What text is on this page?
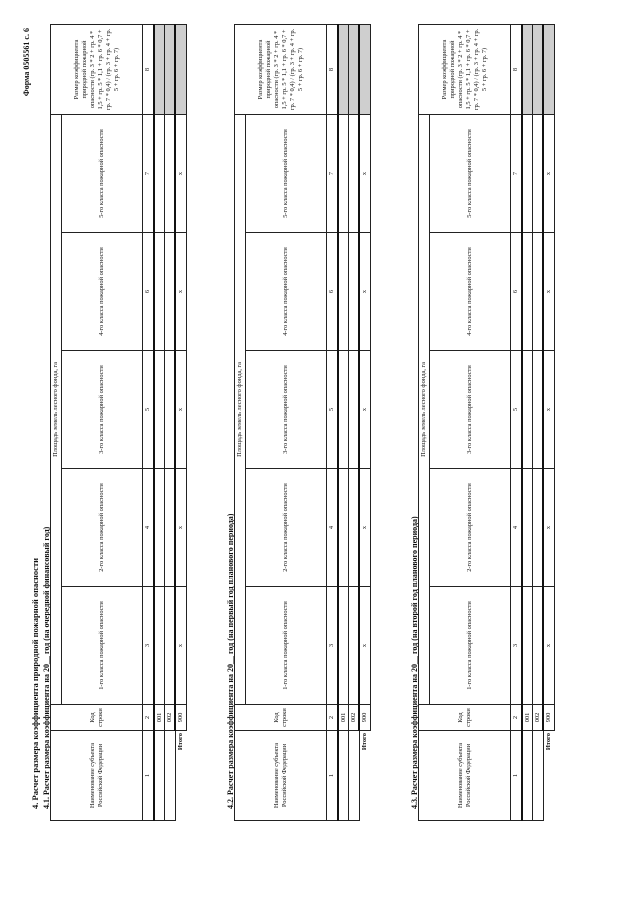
Форма 0505561 с. 6
4. Расчет размера коэффициента природной пожарной опасности 4.1. Расчет размера коэффициента на 20__ год (на очередной финансовый год)	Наименование субъекта Российской Федерации	Код строки	Площадь земель лесного фонда, га					Размер коэффициента природной пожарной опасности (гр. 3 * 2 + гр. 4 * 1,5 + гр. 5 * 1,1 + гр. 6 * 0,7 + гр. 7 * 0,4) / (гр. 3 + гр. 4 + гр. 5 + гр. 6 + гр. 7)
		1-го класса пожарной опасности	2-го класса пожарной опасности	3-го класса пожарной опасности	4-го класса пожарной опасности	5-го класса пожарной опасности	
1	2	3	4	5	6	7	8
	001						
	002						
Итого	900	x	x	x	x	x	
4.2. Расчет размера коэффициента на 20__ год (на первый год планового периода)	Наименование субъекта Российской Федерации	Код строки	Площадь земель лесного фонда, га					Размер коэффициента природной пожарной опасности (гр. 3 * 2 + гр. 4 * 1,5 + гр. 5 * 1,1 + гр. 6 * 0,7 + гр. 7 * 0,4) / (гр. 3 + гр. 4 + гр. 5 + гр. 6 + гр. 7)
		1-го класса пожарной опасности	2-го класса пожарной опасности	3-го класса пожарной опасности	4-го класса пожарной опасности	5-го класса пожарной опасности	
1	2	3	4	5	6	7	8
	001						
	002						
Итого	900	x	x	x	x	x	
4.3. Расчет размера коэффициента на 20__ год (на второй год планового периода)	Наименование субъекта Российской Федерации	Код строки	Площадь земель лесного фонда, га					Размер коэффициента природной пожарной опасности (гр. 3 * 2 + гр. 4 * 1,5 + гр. 5 * 1,1 + гр. 6 * 0,7 + гр. 7 * 0,4) / (гр. 3 + гр. 4 + гр. 5 + гр. 6 + гр. 7)
		1-го класса пожарной опасности	2-го класса пожарной опасности	3-го класса пожарной опасности	4-го класса пожарной опасности	5-го класса пожарной опасности	
1	2	3	4	5	6	7	8
	001						
	002						
Итого	900	x	x	x	x	x	
